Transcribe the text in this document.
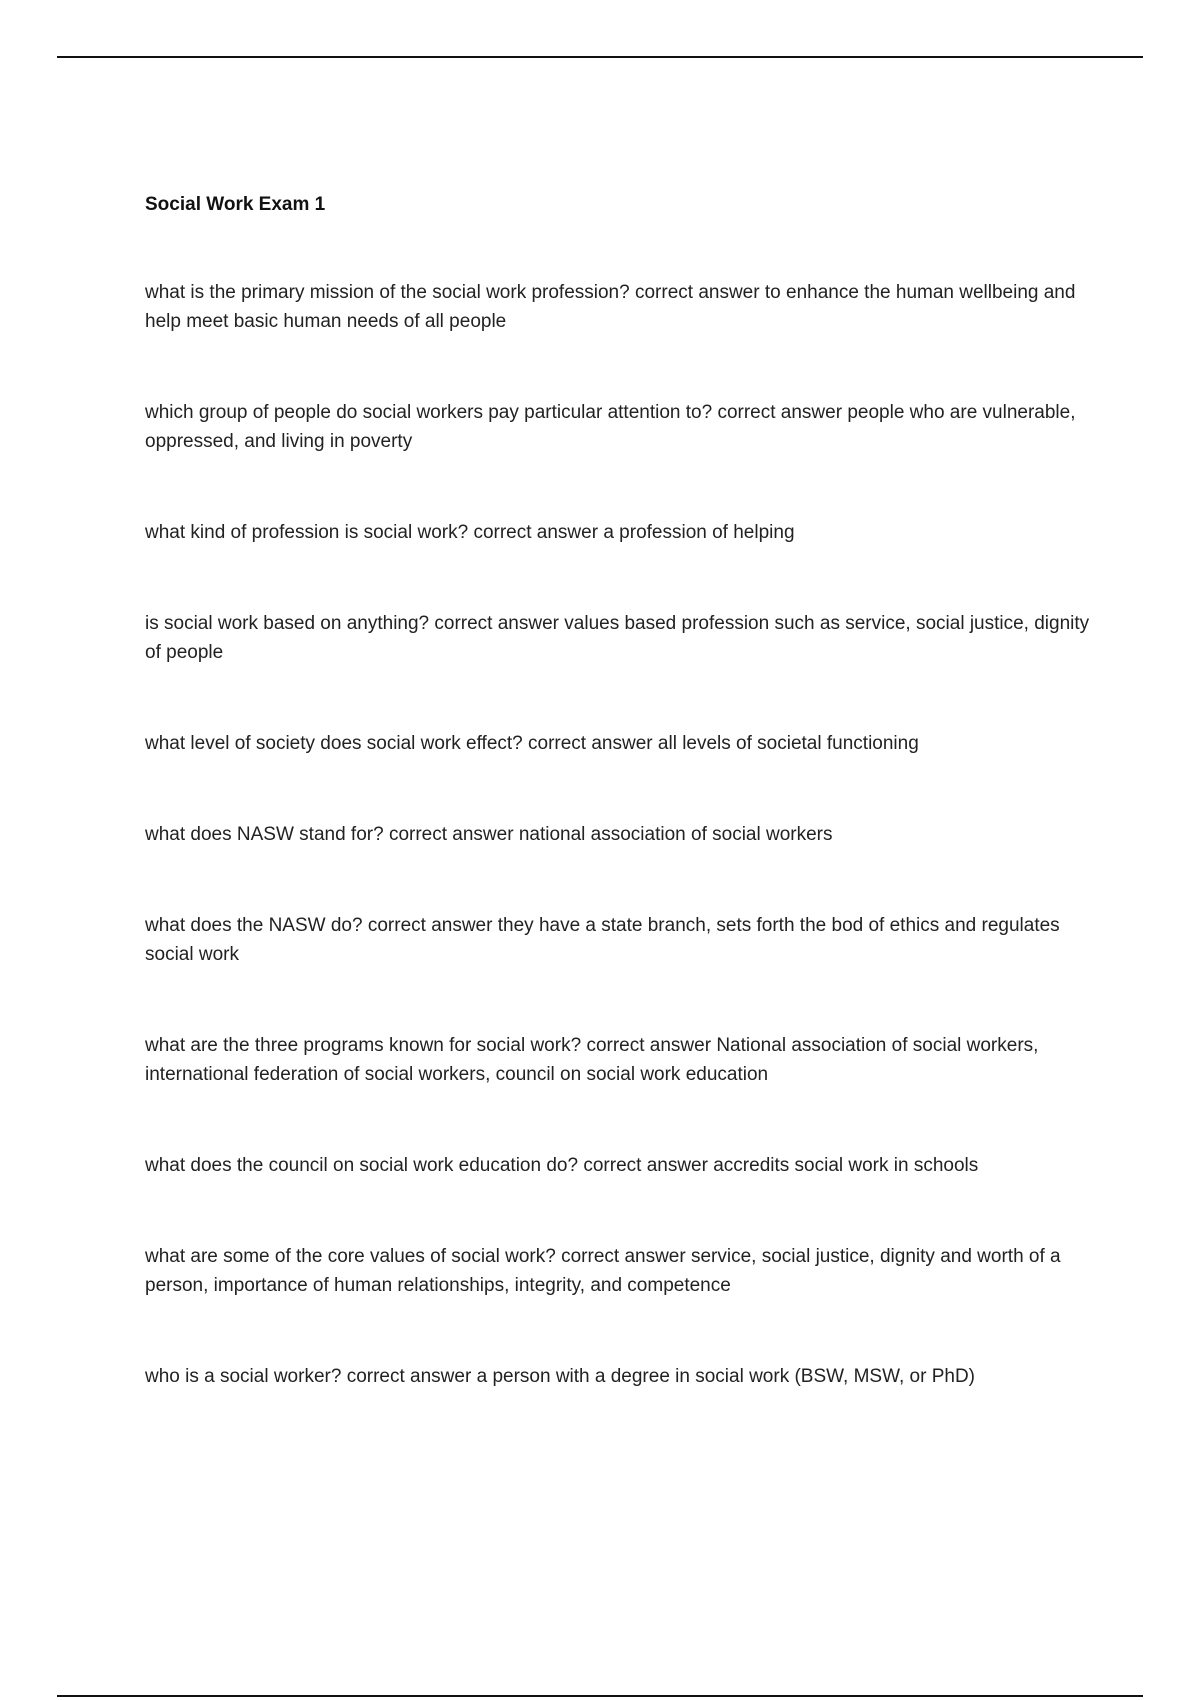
Social Work Exam 1
what is the primary mission of the social work profession? correct answer to enhance the human wellbeing and help meet basic human needs of all people
which group of people do social workers pay particular attention to? correct answer people who are vulnerable, oppressed, and living in poverty
what kind of profession is social work? correct answer a profession of helping
is social work based on anything? correct answer values based profession such as service, social justice, dignity of people
what level of society does social work effect? correct answer all levels of societal functioning
what does NASW stand for? correct answer national association of social workers
what does the NASW do? correct answer they have a state branch, sets forth the bod of ethics and regulates social work
what are the three programs known for social work? correct answer National association of social workers, international federation of social workers, council on social work education
what does the council on social work education do? correct answer accredits social work in schools
what are some of the core values of social work? correct answer service, social justice, dignity and worth of a person, importance of human relationships, integrity, and competence
who is a social worker? correct answer a person with a degree in social work (BSW, MSW, or PhD)
